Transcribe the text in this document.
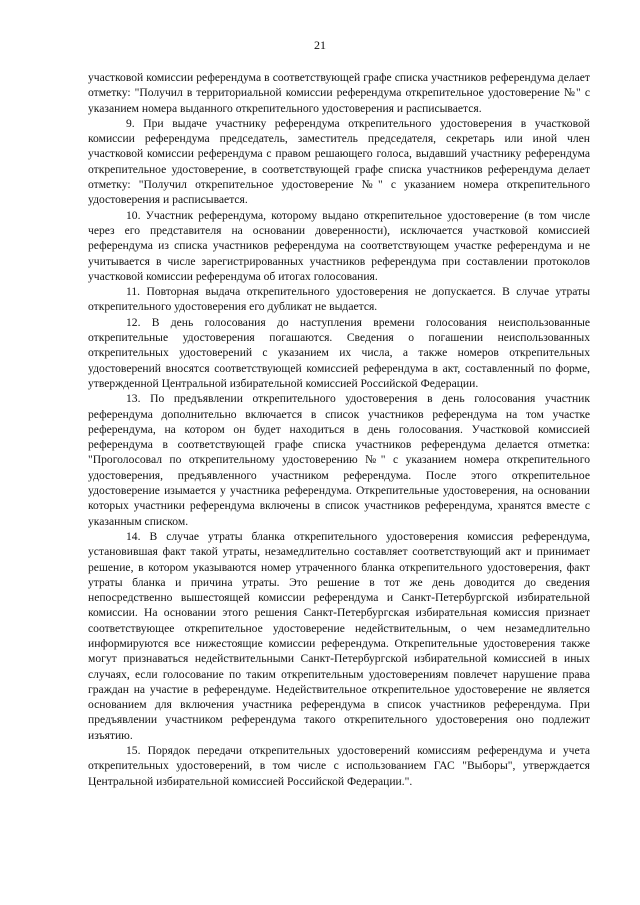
21

участковой комиссии референдума в соответствующей графе списка участников референдума делает отметку: "Получил в территориальной комиссии референдума открепительное удостоверение №" с указанием номера выданного открепительного удостоверения и расписывается.

9. При выдаче участнику референдума открепительного удостоверения в участковой комиссии референдума председатель, заместитель председателя, секретарь или иной член участковой комиссии референдума с правом решающего голоса, выдавший участнику референдума открепительное удостоверение, в соответствующей графе списка участников референдума делает отметку: "Получил открепительное удостоверение №" с указанием номера открепительного удостоверения и расписывается.

10. Участник референдума, которому выдано открепительное удостоверение (в том числе через его представителя на основании доверенности), исключается участковой комиссией референдума из списка участников референдума на соответствующем участке референдума и не учитывается в числе зарегистрированных участников референдума при составлении протоколов участковой комиссии референдума об итогах голосования.

11. Повторная выдача открепительного удостоверения не допускается. В случае утраты открепительного удостоверения его дубликат не выдается.

12. В день голосования до наступления времени голосования неиспользованные открепительные удостоверения погашаются. Сведения о погашении неиспользованных открепительных удостоверений с указанием их числа, а также номеров открепительных удостоверений вносятся соответствующей комиссией референдума в акт, составленный по форме, утвержденной Центральной избирательной комиссией Российской Федерации.

13. По предъявлении открепительного удостоверения в день голосования участник референдума дополнительно включается в список участников референдума на том участке референдума, на котором он будет находиться в день голосования. Участковой комиссией референдума в соответствующей графе списка участников референдума делается отметка: "Проголосовал по открепительному удостоверению №" с указанием номера открепительного удостоверения, предъявленного участником референдума. После этого открепительное удостоверение изымается у участника референдума. Открепительные удостоверения, на основании которых участники референдума включены в список участников референдума, хранятся вместе с указанным списком.

14. В случае утраты бланка открепительного удостоверения комиссия референдума, установившая факт такой утраты, незамедлительно составляет соответствующий акт и принимает решение, в котором указываются номер утраченного бланка открепительного удостоверения, факт утраты бланка и причина утраты. Это решение в тот же день доводится до сведения непосредственно вышестоящей комиссии референдума и Санкт-Петербургской избирательной комиссии. На основании этого решения Санкт-Петербургская избирательная комиссия признает соответствующее открепительное удостоверение недействительным, о чем незамедлительно информируются все нижестоящие комиссии референдума. Открепительные удостоверения также могут признаваться недействительными Санкт-Петербургской избирательной комиссией в иных случаях, если голосование по таким открепительным удостоверениям повлечет нарушение права граждан на участие в референдуме. Недействительное открепительное удостоверение не является основанием для включения участника референдума в список участников референдума. При предъявлении участником референдума такого открепительного удостоверения оно подлежит изъятию.

15. Порядок передачи открепительных удостоверений комиссиям референдума и учета открепительных удостоверений, в том числе с использованием ГАС "Выборы", утверждается Центральной избирательной комиссией Российской Федерации.".
